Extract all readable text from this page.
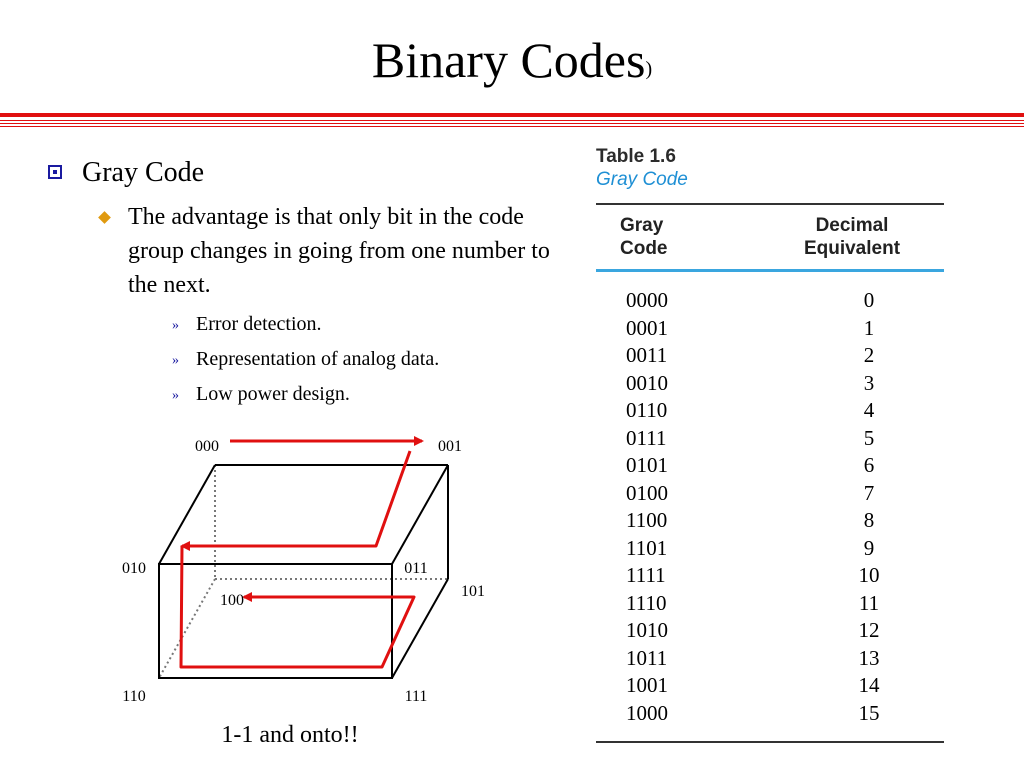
Binary Codes)
Gray Code
The advantage is that only bit in the code group changes in going from one number to the next.
» Error detection.
» Representation of analog data.
» Low power design.
000	001
010	011
100
101
110	111
1-1 and onto!!
Table 1.6
Gray Code
Gray
Code
Decimal
Equivalent
0000	0
0001	1
0011	2
0010	3
0110	4
0111	5
0101	6
0100	7
1100	8
1101	9
1111	10
1110	11
1010	12
1011	13
1001	14
1000	15
